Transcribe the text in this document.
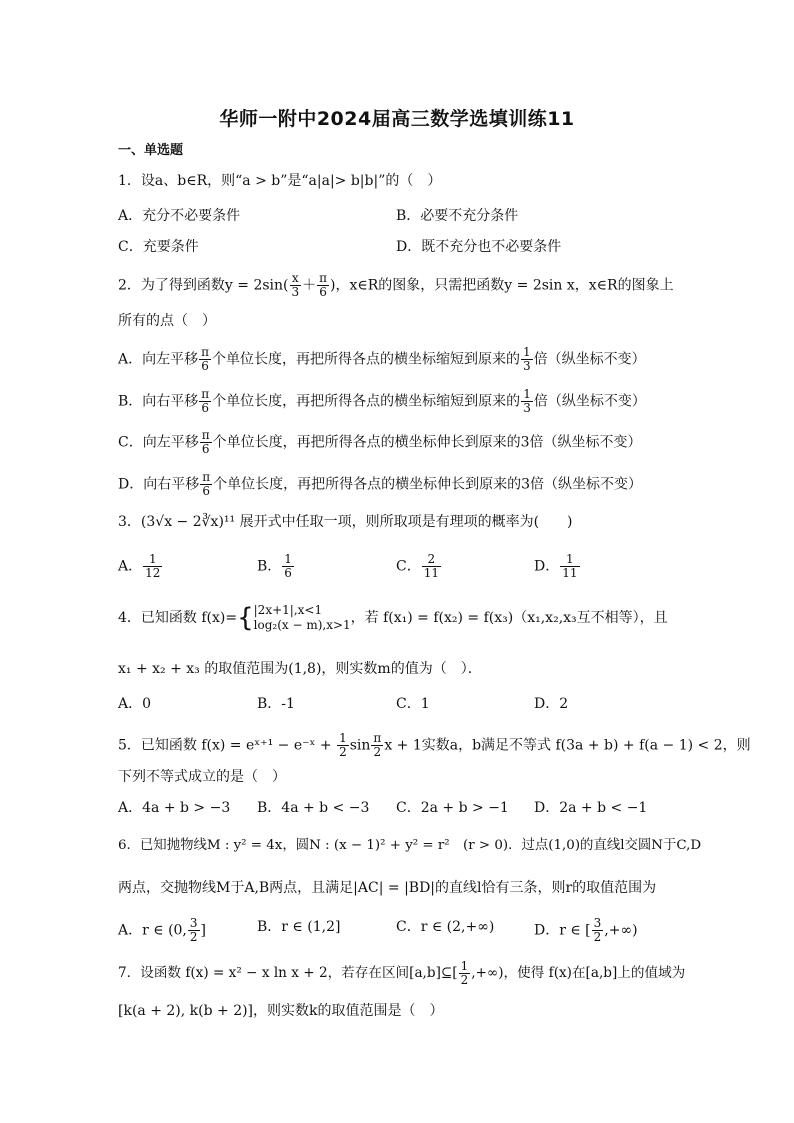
华师一附中2024届高三数学选填训练11
一、单选题
1．设a、b∈R，则“a > b”是“a|a|> b|b|”的（　）
A．充分不必要条件	B．必要不充分条件
C．充要条件	D．既不充分也不必要条件
2．为了得到函数$y = 2\sin( \frac{x}{3} + \frac{\pi}{6}$ )，x∈R的图象，只需把函数y = 2sin x，x∈R的图象上
所有的点（　）
A．向左平移 $\frac{\pi}{6}$ 个单位长度，再把所得各点的横坐标缩短到原来的 $\frac{1}{3}$ 倍（纵坐标不变）
B．向右平移 $\frac{\pi}{6}$ 个单位长度，再把所得各点的横坐标缩短到原来的 $\frac{1}{3}$ 倍（纵坐标不变）
C．向左平移 $\frac{\pi}{6}$ 个单位长度，再把所得各点的横坐标伸长到原来的3倍（纵坐标不变）
D．向右平移 $\frac{\pi}{6}$ 个单位长度，再把所得各点的横坐标伸长到原来的3倍（纵坐标不变）
3．(3√x − 2∛x)¹¹ 展开式中任取一项，则所取项是有理项的概率为(　　)
A． $\frac{1}{12}$	B． $\frac{1}{6}$	C． $\frac{2}{11}$	D． $\frac{1}{11}$
4．已知函数 f(x)={ |2x+1|,x<1
log₂(x − m),x>1 ，若 f(x₁) = f(x₂) = f(x₃)（x₁,x₂,x₃互不相等），且
x₁ + x₂ + x₃ 的取值范围为(1,8)，则实数m的值为（　）．
A．0	B．-1	C．1	D．2
5．已知函数 f(x) = eˣ⁺¹ − e⁻ˣ + $\frac{1}{2}$ $\sin \frac{\pi}{2}$ x + 1实数a，b满足不等式 f(3a + b) + f(a − 1) < 2，则
下列不等式成立的是（　）
A．4a + b > −3 B．4a + b < −3 C．2a + b > −1 D．2a + b < −1
6．已知抛物线M : y² = 4x，圆N : (x − 1)² + y² = r²　(r > 0)．过点(1,0)的直线l交圆N于C,D
两点，交抛物线M于A,B两点，且满足|AC| = |BD|的直线l恰有三条，则r的取值范围为
A．r ∈ (0, $\frac{3}{2}$ ]	B．r ∈ (1,2]	C．r ∈ (2,+∞)	D．r ∈ [ $\frac{3}{2}$ ,+∞)
7．设函数 f(x) = x² − x ln x + 2，若存在区间[a,b]⊆[ $\frac{1}{2}$ ,+∞)，使得 f(x)在[a,b]上的值域为
[k(a + 2), k(b + 2)]，则实数k的取值范围是（　）
